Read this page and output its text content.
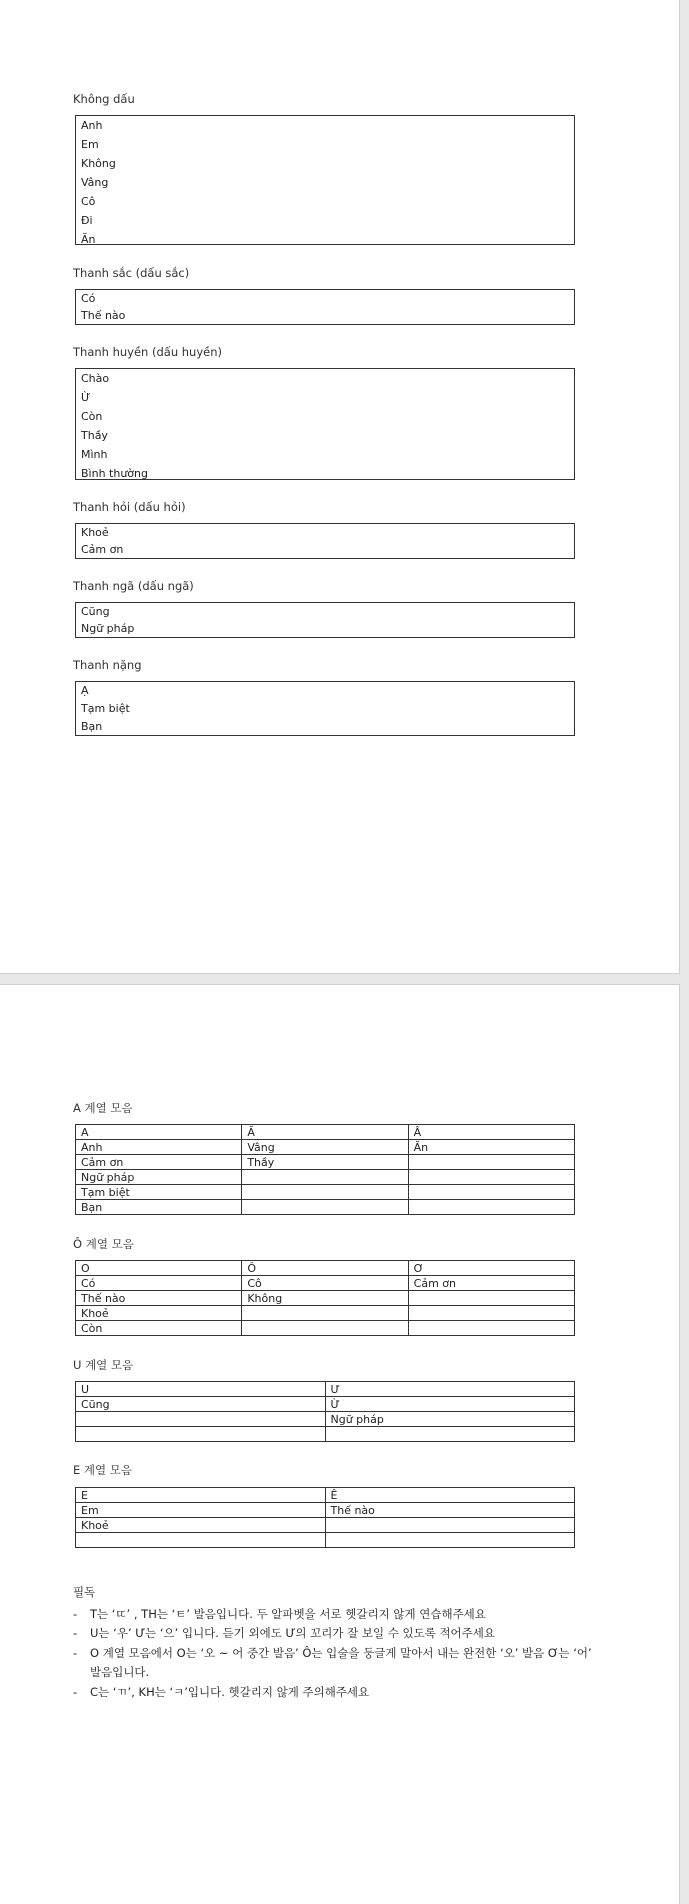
Không dấu
Anh
Em
Không
Vâng
Cô
Đi
Ăn
Thanh sắc (dấu sắc)
Có
Thế nào
Thanh huyền (dấu huyền)
Chào
Ừ
Còn
Thầy
Mình
Bình thường
Thanh hỏi (dấu hỏi)
Khoẻ
Cảm ơn
Thanh ngã (dấu ngã)
Cũng
Ngữ pháp
Thanh nặng
Ạ
Tạm biệt
Bạn
A 계열 모음
A	Ă	Â
Anh	Vâng	Ăn
Cảm ơn	Thầy	
Ngữ pháp		
Tạm biệt		
Bạn		
Ô 계열 모음
O	Ô	Ơ
Có	Cô	Cảm ơn
Thế nào	Không	
Khoẻ		
Còn		
U 계열 모음
U	Ư
Cũng	Ừ
	Ngữ pháp

E 계열 모음
E	Ê
Em	Thế nào
Khoẻ	

필독
-	T는 ‘ㄸ’ , TH는 ‘ㅌ’ 발음입니다. 두 알파벳을 서로 헷갈리지 않게 연습해주세요
-	U는 ‘우’ Ư는 ‘으’ 입니다. 듣기 외에도 Ư의 꼬리가 잘 보일 수 있도록 적어주세요
-	O 계열 모음에서 O는 ‘오 ~ 어 중간 발음’ Ô는 입술을 둥글게 말아서 내는 완전한 ‘오’ 발음 Ơ는 ‘어’ 발음입니다.
-	C는 ‘ㄲ’, KH는 ‘ㅋ’입니다. 헷갈리지 않게 주의해주세요
